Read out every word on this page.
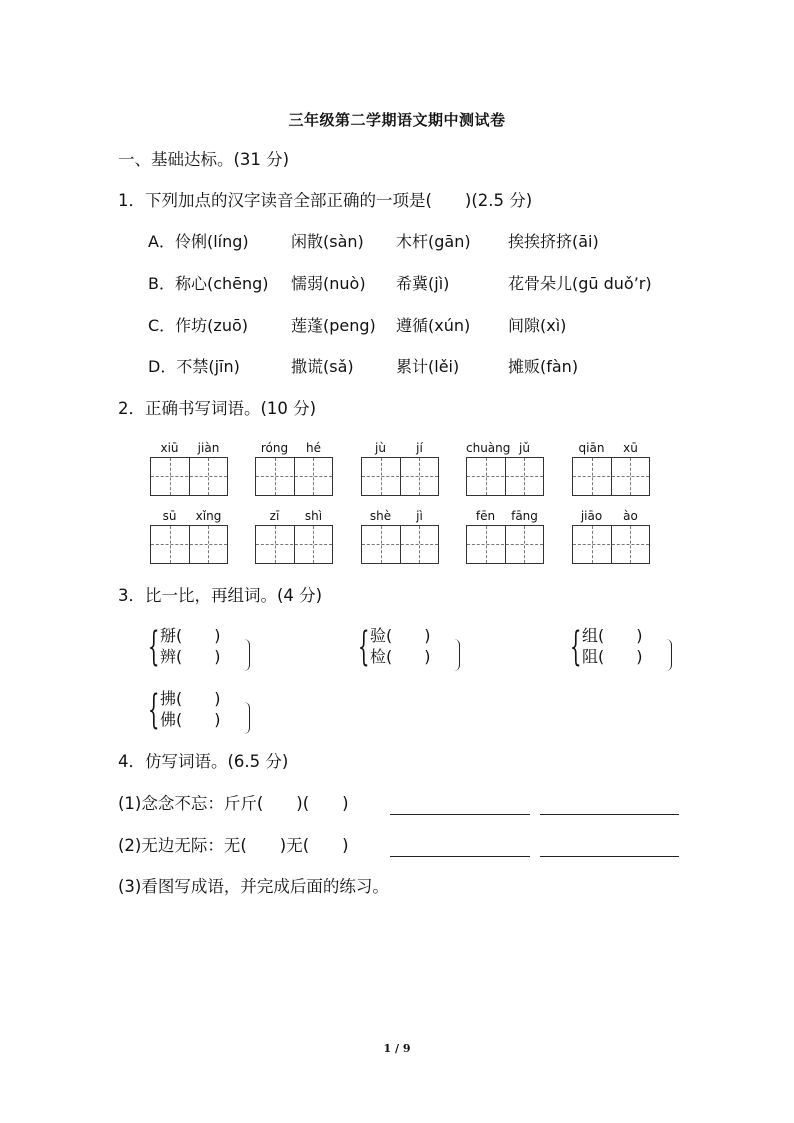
三年级第二学期语文期中测试卷
一、基础达标。(31 分)
1．下列加点的汉字读音全部正确的一项是(　　)(2.5 分)
A．伶俐(líng)	闲散(sàn) 木杆(gān) 挨挨挤挤(āi)
B．称心(chēng) 懦弱(nuò) 希冀(jì)	花骨朵儿(gū duǒ’r)
C．作坊(zuō)	莲蓬(peng) 遵循(xún) 间隙(xì)
D．不禁(jīn)	撒谎(sǎ)	累计(lěi)	摊贩(fàn)
2．正确书写词语。(10 分)
xiū	jiàn	róng	hé	jù	jí	chuàng jǔ	qiān	xū
sū	xǐng	zī	shì	shè	jì	fēn	fāng	jiāo	ào
3．比一比，再组词。(4 分)
{ 掰(　　)
辨(　　)	{ 验(　　)
检(　　)	{ 组(　　)
阻(　　)
{ 拂(　　)
佛(　　)
4．仿写词语。(6.5 分)
(1)念念不忘：斤斤(　　)(　　)
(2)无边无际：无(　　)无(　　)
(3)看图写成语，并完成后面的练习。
1 / 9
